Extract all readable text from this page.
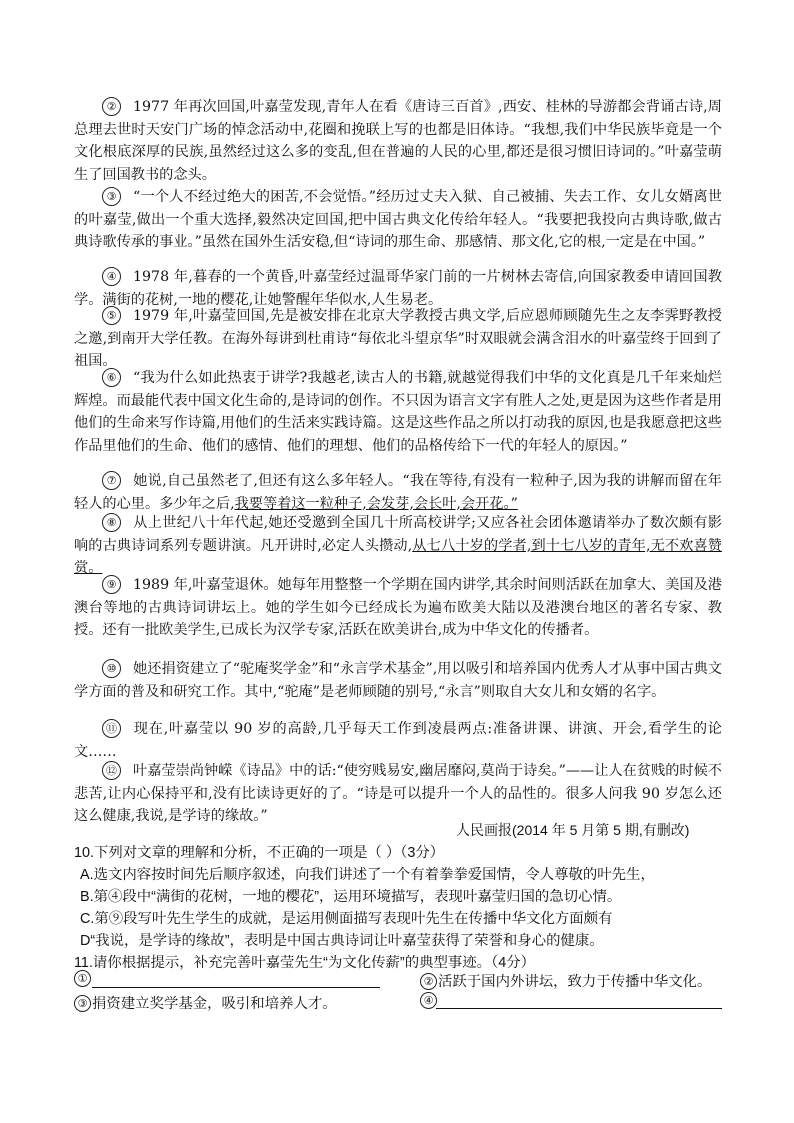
② 1977 年再次回国,叶嘉莹发现,青年人在看《唐诗三百首》,西安、桂林的导游都会背诵古诗,周总理去世时天安门广场的悼念活动中,花圈和挽联上写的也都是旧体诗。“我想,我们中华民族毕竟是一个文化根底深厚的民族,虽然经过这么多的变乱,但在普遍的人民的心里,都还是很习惯旧诗词的。”叶嘉莹萌生了回国教书的念头。
③ “一个人不经过绝大的困苦,不会觉悟。”经历过丈夫入狱、自己被捕、失去工作、女儿女婿离世的叶嘉莹,做出一个重大选择,毅然决定回国,把中国古典文化传给年轻人。“我要把我投向古典诗歌,做古典诗歌传承的事业。”虽然在国外生活安稳,但“诗词的那生命、那感情、那文化,它的根,一定是在中国。”
④ 1978 年,暮春的一个黄昏,叶嘉莹经过温哥华家门前的一片树林去寄信,向国家教委申请回国教学。满街的花树,一地的樱花,让她警醒年华似水,人生易老。
⑤ 1979 年,叶嘉莹回国,先是被安排在北京大学教授古典文学,后应恩师顾随先生之友李霁野教授之邀,到南开大学任教。在海外每讲到杜甫诗“每依北斗望京华”时双眼就会满含泪水的叶嘉莹终于回到了祖国。
⑥ “我为什么如此热衷于讲学?我越老,读古人的书籍,就越觉得我们中华的文化真是几千年来灿烂辉煌。而最能代表中国文化生命的,是诗词的创作。不只因为语言文字有胜人之处,更是因为这些作者是用他们的生命来写作诗篇,用他们的生活来实践诗篇。这是这些作品之所以打动我的原因,也是我愿意把这些作品里他们的生命、他们的感情、他们的理想、他们的品格传给下一代的年轻人的原因。”
⑦ 她说,自己虽然老了,但还有这么多年轻人。“我在等待,有没有一粒种子,因为我的讲解而留在年轻人的心里。多少年之后,我要等着这一粒种子,会发芽,会长叶,会开花。”
⑧ 从上世纪八十年代起,她还受邀到全国几十所高校讲学;又应各社会团体邀请举办了数次颇有影响的古典诗词系列专题讲演。凡开讲时,必定人头攒动,从七八十岁的学者,到十七八岁的青年,无不欢喜赞赏。
⑨ 1989 年,叶嘉莹退休。她每年用整整一个学期在国内讲学,其余时间则活跃在加拿大、美国及港澳台等地的古典诗词讲坛上。她的学生如今已经成长为遍布欧美大陆以及港澳台地区的著名专家、教授。还有一批欧美学生,已成长为汉学专家,活跃在欧美讲台,成为中华文化的传播者。
⑩ 她还捐资建立了“驼庵奖学金”和“永言学术基金”,用以吸引和培养国内优秀人才从事中国古典文学方面的普及和研究工作。其中,“驼庵”是老师顾随的别号,“永言”则取自大女儿和女婿的名字。
⑪ 现在,叶嘉莹以 90 岁的高龄,几乎每天工作到凌晨两点:准备讲课、讲演、开会,看学生的论文……
⑫ 叶嘉莹崇尚钟嵘《诗品》中的话:“使穷贱易安,幽居靡闷,莫尚于诗矣。”——让人在贫贱的时候不悲苦,让内心保持平和,没有比读诗更好的了。“诗是可以提升一个人的品性的。很多人问我 90 岁怎么还这么健康,我说,是学诗的缘故。”
人民画报(2014 年 5 月第 5 期,有删改)
10.下列对文章的理解和分析，不正确的一项是（ ）（3分）
A.选文内容按时间先后顺序叙述，向我们讲述了一个有着拳拳爱国情，令人尊敬的叶先生，
B.第④段中“满街的花树，一地的樱花”，运用环境描写，表现叶嘉莹归国的急切心情。
C.第⑨段写叶先生学生的成就，是运用侧面描写表现叶先生在传播中华文化方面颇有
D“我说，是学诗的缘故”，表明是中国古典诗词让叶嘉莹获得了荣誉和身心的健康。
11.请你根据提示，补充完善叶嘉莹先生“为文化传薪”的典型事迹。（4分）
①	② 活跃于国内外讲坛，致力于传播中华文化。
③ 捐资建立奖学基金，吸引和培养人才。	④
